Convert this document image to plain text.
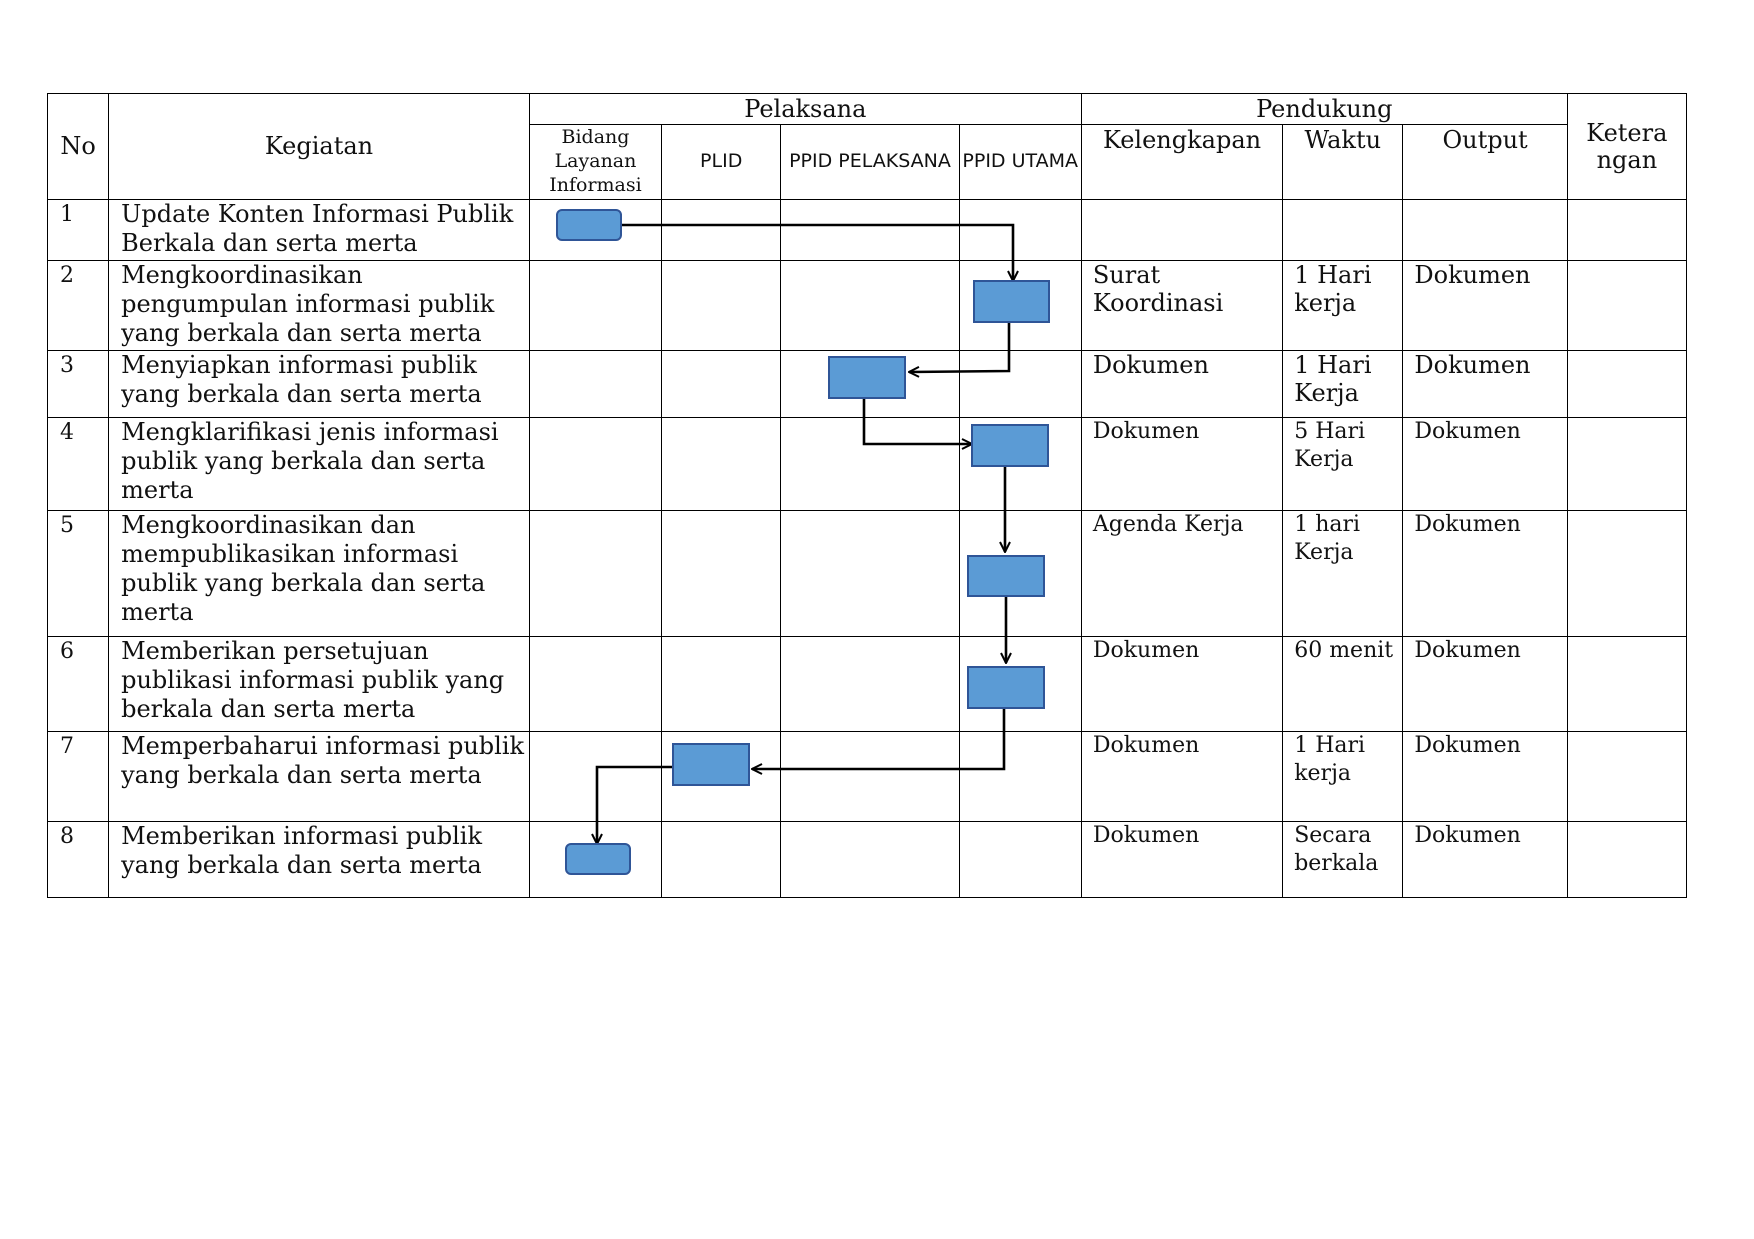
No	Kegiatan	Pelaksana				Pendukung			Ketera ngan
		Bidang Layanan Informasi	PLID	PPID PELAKSANA	PPID UTAMA	Kelengkapan	Waktu	Output	
1	Update Konten Informasi Publik Berkala dan serta merta								
2	Mengkoordinasikan pengumpulan informasi publik yang berkala dan serta merta					Surat Koordinasi	1 Hari kerja	Dokumen	
3	Menyiapkan informasi publik yang berkala dan serta merta					Dokumen	1 Hari Kerja	Dokumen	
4	Mengklarifikasi jenis informasi publik yang berkala dan serta merta					Dokumen	5 Hari Kerja	Dokumen	
5	Mengkoordinasikan dan mempublikasikan informasi publik yang berkala dan serta merta					Agenda Kerja	1 hari Kerja	Dokumen	
6	Memberikan persetujuan publikasi informasi publik yang berkala dan serta merta					Dokumen	60 menit	Dokumen	
7	Memperbaharui informasi publik yang berkala dan serta merta					Dokumen	1 Hari kerja	Dokumen	
8	Memberikan informasi publik yang berkala dan serta merta					Dokumen	Secara berkala	Dokumen	
